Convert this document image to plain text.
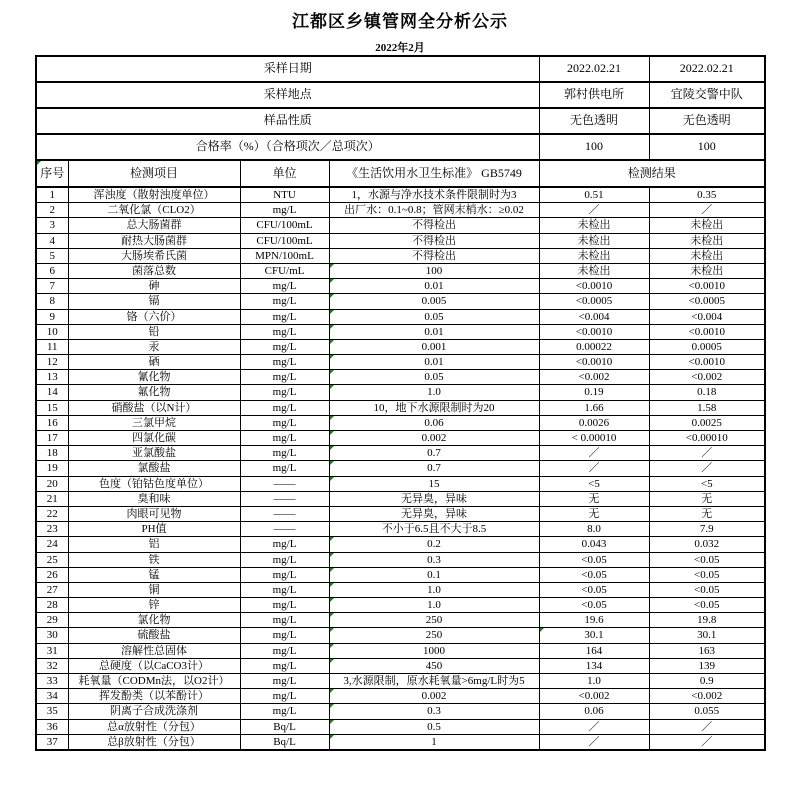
江都区乡镇管网全分析公示
2022年2月
采样日期				2022.02.21	2022.02.21
采样地点				郭村供电所	宜陵交警中队
样品性质				无色透明	无色透明
合格率（%）（合格项次／总项次）				100	100
序号	检测项目	单位	《生活饮用水卫生标准》 GB5749	检测结果	
1	浑浊度（散射浊度单位）	NTU	1，水源与净水技术条件限制时为3	0.51	0.35
2	二氧化氯（CLO2）	mg/L	出厂水：0.1~0.8；管网末梢水：≥0.02	／	／
3	总大肠菌群	CFU/100mL	不得检出	未检出	未检出
4	耐热大肠菌群	CFU/100mL	不得检出	未检出	未检出
5	大肠埃希氏菌	MPN/100mL	不得检出	未检出	未检出
6	菌落总数	CFU/mL	100	未检出	未检出
7	砷	mg/L	0.01	<0.0010	<0.0010
8	镉	mg/L	0.005	<0.0005	<0.0005
9	铬（六价）	mg/L	0.05	<0.004	<0.004
10	铅	mg/L	0.01	<0.0010	<0.0010
11	汞	mg/L	0.001	0.00022	0.0005
12	硒	mg/L	0.01	<0.0010	<0.0010
13	氰化物	mg/L	0.05	<0.002	<0.002
14	氟化物	mg/L	1.0	0.19	0.18
15	硝酸盐（以N计）	mg/L	10，地下水源限制时为20	1.66	1.58
16	三氯甲烷	mg/L	0.06	0.0026	0.0025
17	四氯化碳	mg/L	0.002	< 0.00010	<0.00010
18	亚氯酸盐	mg/L	0.7	／	／
19	氯酸盐	mg/L	0.7	／	／
20	色度（铂钴色度单位）	——	15	<5	<5
21	臭和味	——	无异臭，异味	无	无
22	肉眼可见物	——	无异臭，异味	无	无
23	PH值	——	不小于6.5且不大于8.5	8.0	7.9
24	铝	mg/L	0.2	0.043	0.032
25	铁	mg/L	0.3	<0.05	<0.05
26	锰	mg/L	0.1	<0.05	<0.05
27	铜	mg/L	1.0	<0.05	<0.05
28	锌	mg/L	1.0	<0.05	<0.05
29	氯化物	mg/L	250	19.6	19.8
30	硫酸盐	mg/L	250	30.1	30.1
31	溶解性总固体	mg/L	1000	164	163
32	总硬度（以CaCO3计）	mg/L	450	134	139
33	耗氧量（CODMn法，以O2计）	mg/L	3,水源限制，原水耗氧量>6mg/L时为5	1.0	0.9
34	挥发酚类（以苯酚计）	mg/L	0.002	<0.002	<0.002
35	阴离子合成洗涤剂	mg/L	0.3	0.06	0.055
36	总α放射性（分包）	Bq/L	0.5	／	／
37	总β放射性（分包）	Bq/L	1	／	／
